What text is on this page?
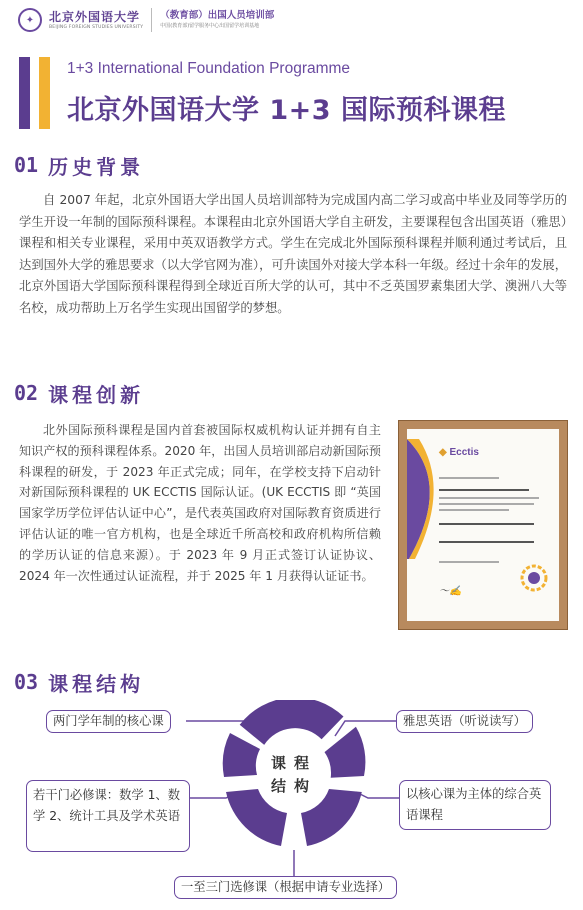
✦	北京外国语大学
BEIJING FOREIGN STUDIES UNIVERSITY
（教育部）出国人员培训部
中国(教育部)留学服务中心出国留学培训基地
1+3 International Foundation Programme
北京外国语大学 1+3 国际预科课程
01 历史背景

自 2007 年起，北京外国语大学出国人员培训部特为完成国内高二学习或高中毕业及同等学历的学生开设一年制的国际预科课程。本课程由北京外国语大学自主研发，主要课程包含出国英语（雅思）课程和相关专业课程，采用中英双语教学方式。学生在完成北外国际预科课程并顺利通过考试后，且达到国外大学的雅思要求（以大学官网为准），可升读国外对接大学本科一年级。经过十余年的发展，北京外国语大学国际预科课程得到全球近百所大学的认可，其中不乏英国罗素集团大学、澳洲八大等名校，成功帮助上万名学生实现出国留学的梦想。

02 课程创新

北外国际预科课程是国内首套被国际权威机构认证并拥有自主知识产权的预科课程体系。2020 年，出国人员培训部启动新国际预科课程的研发，于 2023 年正式完成；同年，在学校支持下启动针对新国际预科课程的 UK ECCTIS 国际认证。(UK ECCTIS 即 “英国国家学历学位评估认证中心”，是代表英国政府对国际教育资质进行评估认证的唯一官方机构，也是全球近千所高校和政府机构所信赖的学历认证的信息来源）。于 2023 年 9 月正式签订认证协议、2024 年一次性通过认证流程，并于 2025 年 1 月获得认证证书。

◆ Ecctis
～✍
03 课程结构
课程
结构
两门学年制的核心课	雅思英语（听说读写）
若干门必修课：数学 1、数学 2、统计工具及学术英语
以核心课为主体的综合英语课程
一至三门选修课（根据申请专业选择）
